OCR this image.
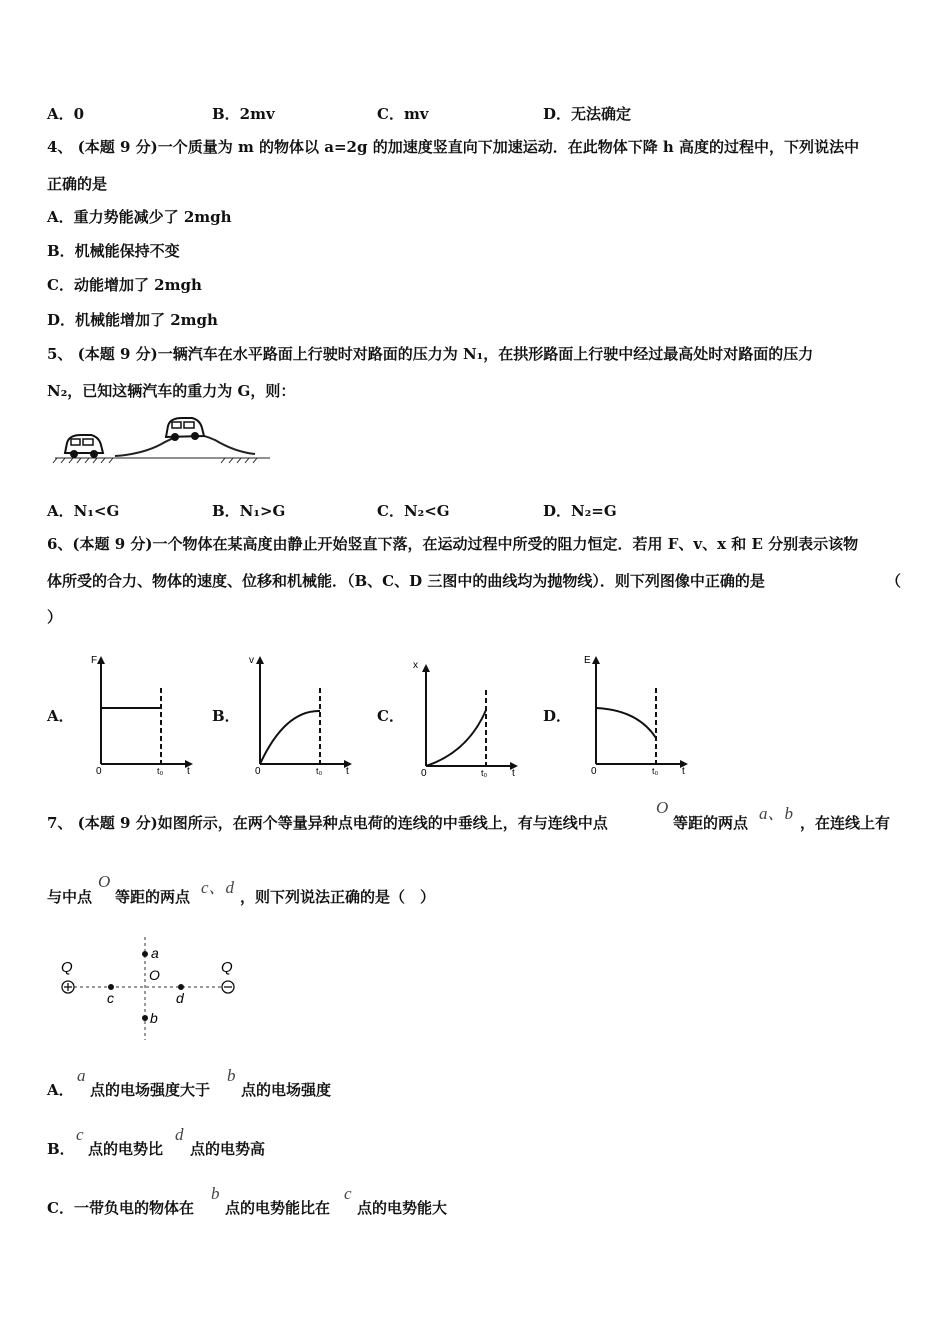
A．0	B．2mv	C．mv	D．无法确定
4、 (本题 9 分)一个质量为 m 的物体以 a=2g 的加速度竖直向下加速运动．在此物体下降 h 高度的过程中，下列说法中
正确的是
A．重力势能减少了 2mgh
B．机械能保持不变
C．动能增加了 2mgh
D．机械能增加了 2mgh
5、 (本题 9 分)一辆汽车在水平路面上行驶时对路面的压力为 N₁，在拱形路面上行驶中经过最高处时对路面的压力
N₂，已知这辆汽车的重力为 G，则：
A．N₁<G	B．N₁>G	C．N₂<G	D．N₂=G
6、(本题 9 分)一个物体在某高度由静止开始竖直下落，在运动过程中所受的阻力恒定．若用 F、v、x 和 E 分别表示该物
体所受的合力、物体的速度、位移和机械能．（B、C、D 三图中的曲线均为抛物线）．则下列图像中正确的是	（
）
A．	B．	C．	D．
F
t
0	t₀
v
t
0	t₀
x
t
0	t₀
E
t
0	t₀
7、 (本题 9 分)如图所示，在两个等量异种点电荷的连线的中垂线上，有与连线中点
O
等距的两点 a、b ，在连线上有
与中点
O
等距的两点 c、d ，则下列说法正确的是（　）
Q	Q
a
O
c	d
b
A．
a
点的电场强度大于
b
点的电场强度
B．
c
点的电势比
d
点的电势高
C．一带负电的物体在
b
点的电势能比在
c
点的电势能大
